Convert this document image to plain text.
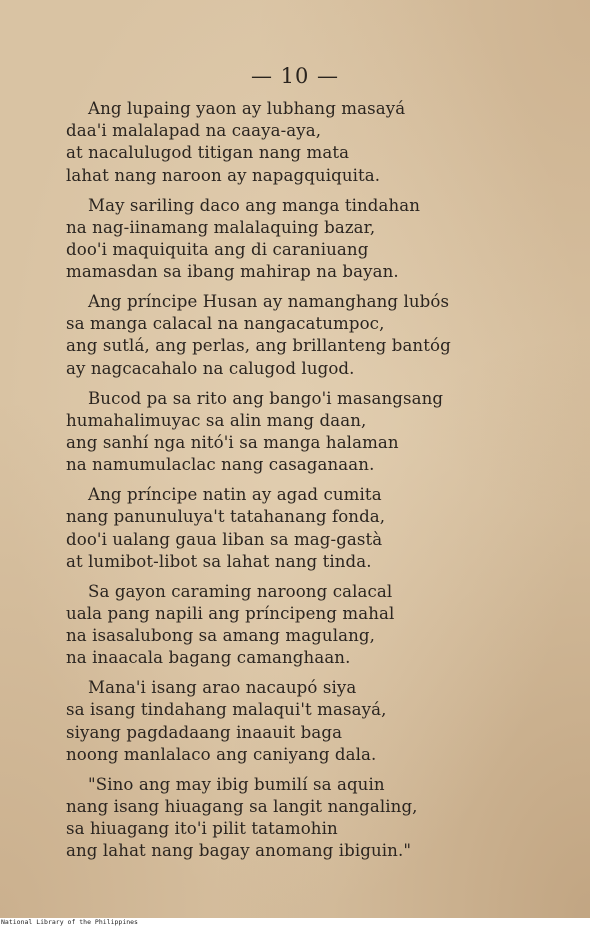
— 10 —
Ang lupaing yaon ay lubhang masayá
daa'i malalapad na caaya-aya,
at nacalulugod titigan nang mata
lahat nang naroon ay napagquiquita.
May sariling daco ang manga tindahan
na nag-iinamang malalaquing bazar,
doo'i maquiquita ang di caraniuang
mamasdan sa ibang mahirap na bayan.
Ang príncipe Husan ay namanghang lubós
sa manga calacal na nangacatumpoc,
ang sutlá, ang perlas, ang brillanteng bantóg
ay nagcacahalo na calugod lugod.
Bucod pa sa rito ang bango'i masangsang
humahalimuyac sa alin mang daan,
ang sanhí nga nitó'i sa manga halaman
na namumulaclac nang casaganaan.
Ang príncipe natin ay agad cumita
nang panunuluya't tatahanang fonda,
doo'i ualang gaua liban sa mag-gastà
at lumibot-libot sa lahat nang tinda.
Sa gayon caraming naroong calacal
uala pang napili ang príncipeng mahal
na isasalubong sa amang magulang,
na inaacala bagang camanghaan.
Mana'i isang arao nacaupó siya
sa isang tindahang malaqui't masayá,
siyang pagdadaang inaauit baga
noong manlalaco ang caniyang dala.
"Sino ang may ibig bumilí sa aquin
nang isang hiuagang sa langit nangaling,
sa hiuagang ito'i pilit tatamohin
ang lahat nang bagay anomang ibiguin."
National Library of the Philippines
